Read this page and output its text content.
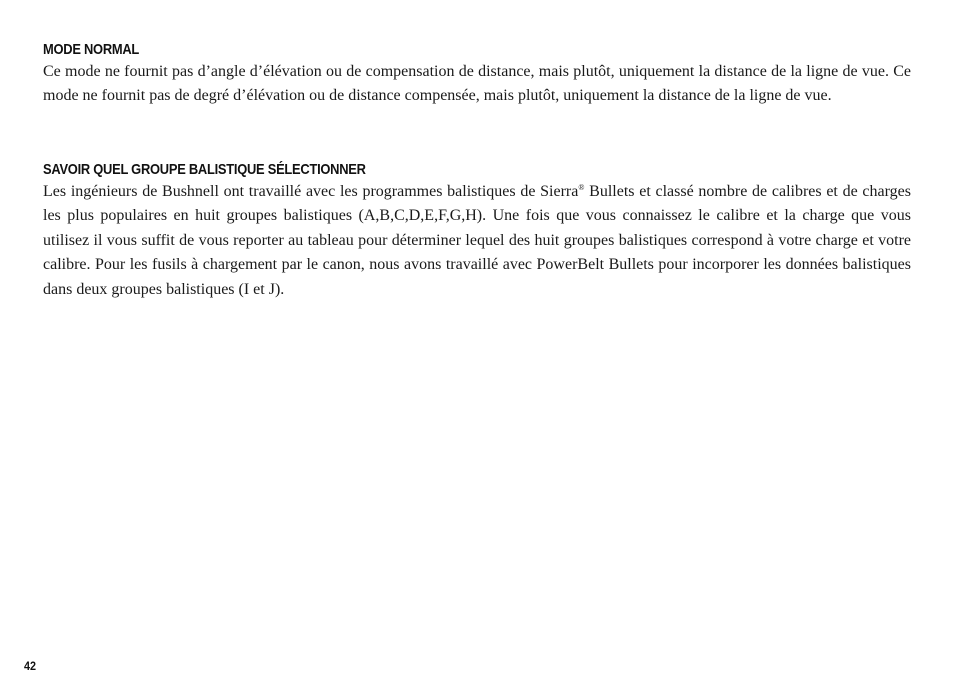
MODE NORMAL

Ce mode ne fournit pas d’angle d’élévation ou de compensation de distance, mais plutôt, uniquement la distance de la ligne de vue. Ce mode ne fournit pas de degré d’élévation ou de distance compensée, mais plutôt, uniquement la distance de la ligne de vue.

SAVOIR QUEL GROUPE BALISTIQUE SÉLECTIONNER

Les ingénieurs de Bushnell ont travaillé avec les programmes balistiques de Sierra® Bullets et classé nombre de calibres et de charges les plus populaires en huit groupes balistiques (A,B,C,D,E,F,G,H). Une fois que vous connaissez le calibre et la charge que vous utilisez il vous suffit de vous reporter au tableau pour déterminer lequel des huit groupes balistiques correspond à votre charge et votre calibre. Pour les fusils à chargement par le canon, nous avons travaillé avec PowerBelt Bullets pour incorporer les données balistiques dans deux groupes balistiques (I et J).

42
